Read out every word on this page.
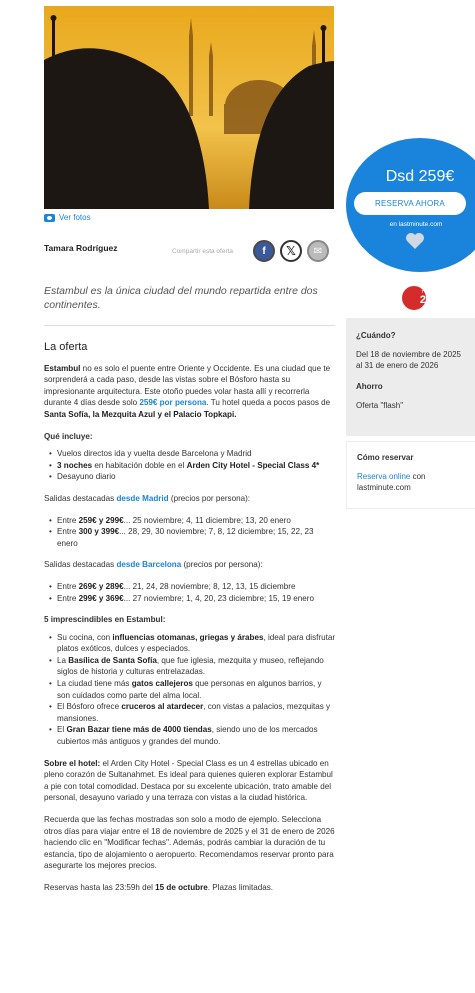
Dsd 259€
RESERVA AHORA
en lastminute.com
Ver fotos
Tamara Rodríguez	Compartir esta oferta	f	𝕏	✉
Estambul es la única ciudad del mundo repartida entre dos continentes.
TOP
20
La oferta

Estambul no es solo el puente entre Oriente y Occidente. Es una ciudad que te sorprenderá a cada paso, desde las vistas sobre el Bósforo hasta su impresionante arquitectura. Este otoño puedes volar hasta allí y recorrerla durante 4 días desde solo 259€ por persona. Tu hotel queda a pocos pasos de Santa Sofía, la Mezquita Azul y el Palacio Topkapi.

Qué incluye:
• Vuelos directos ida y vuelta desde Barcelona y Madrid
• 3 noches en habitación doble en el Arden City Hotel - Special Class 4*
• Desayuno diario

Salidas destacadas desde Madrid (precios por persona):

• Entre 259€ y 299€... 25 noviembre; 4, 11 diciembre; 13, 20 enero
• Entre 300 y 399€... 28, 29, 30 noviembre; 7, 8, 12 diciembre; 15, 22, 23 enero

Salidas destacadas desde Barcelona (precios por persona):

• Entre 269€ y 289€... 21, 24, 28 noviembre; 8, 12, 13, 15 diciembre
• Entre 299€ y 369€... 27 noviembre; 1, 4, 20, 23 diciembre; 15, 19 enero
5 imprescindibles en Estambul:
• Su cocina, con influencias otomanas, griegas y árabes, ideal para disfrutar platos exóticos, dulces y especiados.
• La Basílica de Santa Sofía, que fue iglesia, mezquita y museo, reflejando siglos de historia y culturas entrelazadas.
• La ciudad tiene más gatos callejeros que personas en algunos barrios, y son cuidados como parte del alma local.
• El Bósforo ofrece cruceros al atardecer, con vistas a palacios, mezquitas y mansiones.
• El Gran Bazar tiene más de 4000 tiendas, siendo uno de los mercados cubiertos más antiguos y grandes del mundo.

Sobre el hotel: el Arden City Hotel - Special Class es un 4 estrellas ubicado en pleno corazón de Sultanahmet. Es ideal para quienes quieren explorar Estambul a pie con total comodidad. Destaca por su excelente ubicación, trato amable del personal, desayuno variado y una terraza con vistas a la ciudad histórica.

Recuerda que las fechas mostradas son solo a modo de ejemplo. Selecciona otros días para viajar entre el 18 de noviembre de 2025 y el 31 de enero de 2026 haciendo clic en "Modificar fechas". Además, podrás cambiar la duración de tu estancia, tipo de alojamiento o aeropuerto. Recomendamos reservar pronto para asegurarte los mejores precios.

Reservas hasta las 23:59h del 15 de octubre. Plazas limitadas.

¿Cuándo?
Del 18 de noviembre de 2025 al 31 de enero de 2026
Ahorro
Oferta "flash"
Cómo reservar
Reserva online con lastminute.com
